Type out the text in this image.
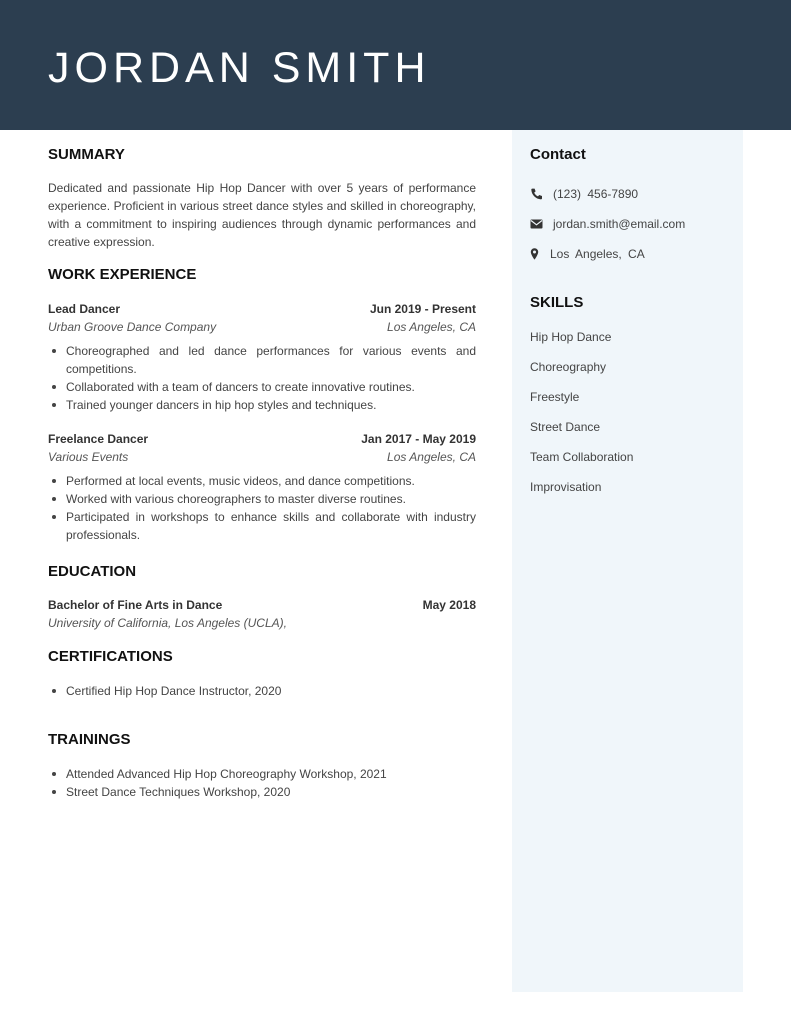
JORDAN SMITH
Contact
(123) 456-7890
jordan.smith@email.com
Los Angeles, CA
SKILLS
Hip Hop Dance
Choreography
Freestyle
Street Dance
Team Collaboration
Improvisation
SUMMARY
Dedicated and passionate Hip Hop Dancer with over 5 years of performance experience. Proficient in various street dance styles and skilled in choreography, with a commitment to inspiring audiences through dynamic performances and creative expression.
WORK EXPERIENCE
Lead Dancer	Jun 2019 - Present
Urban Groove Dance Company	Los Angeles, CA
Choreographed and led dance performances for various events and competitions.
Collaborated with a team of dancers to create innovative routines.
Trained younger dancers in hip hop styles and techniques.
Freelance Dancer	Jan 2017 - May 2019
Various Events	Los Angeles, CA
Performed at local events, music videos, and dance competitions.
Worked with various choreographers to master diverse routines.
Participated in workshops to enhance skills and collaborate with industry professionals.
EDUCATION
Bachelor of Fine Arts in Dance	May 2018
University of California, Los Angeles (UCLA),
CERTIFICATIONS
Certified Hip Hop Dance Instructor, 2020
TRAININGS
Attended Advanced Hip Hop Choreography Workshop, 2021
Street Dance Techniques Workshop, 2020
